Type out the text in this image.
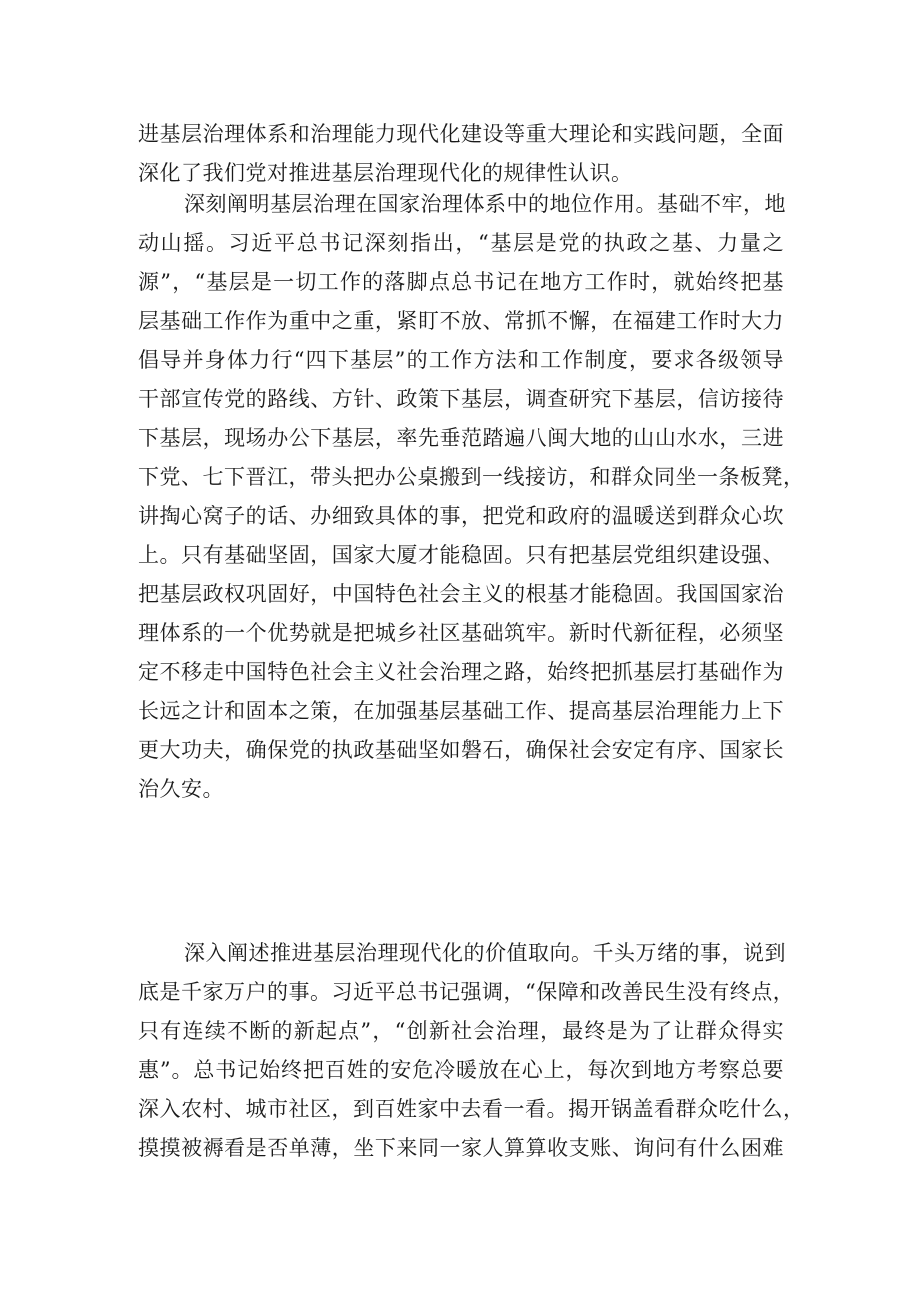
进基层治理体系和治理能力现代化建设等重大理论和实践问题，全面
深化了我们党对推进基层治理现代化的规律性认识。
深刻阐明基层治理在国家治理体系中的地位作用。基础不牢，地
动山摇。习近平总书记深刻指出，“基层是党的执政之基、力量之
源”，“基层是一切工作的落脚点总书记在地方工作时，就始终把基
层基础工作作为重中之重，紧盯不放、常抓不懈，在福建工作时大力
倡导并身体力行“四下基层”的工作方法和工作制度，要求各级领导
干部宣传党的路线、方针、政策下基层，调查研究下基层，信访接待
下基层，现场办公下基层，率先垂范踏遍八闽大地的山山水水，三进
下党、七下晋江，带头把办公桌搬到一线接访，和群众同坐一条板凳，
讲掏心窝子的话、办细致具体的事，把党和政府的温暖送到群众心坎
上。只有基础坚固，国家大厦才能稳固。只有把基层党组织建设强、
把基层政权巩固好，中国特色社会主义的根基才能稳固。我国国家治
理体系的一个优势就是把城乡社区基础筑牢。新时代新征程，必须坚
定不移走中国特色社会主义社会治理之路，始终把抓基层打基础作为
长远之计和固本之策，在加强基层基础工作、提高基层治理能力上下
更大功夫，确保党的执政基础坚如磐石，确保社会安定有序、国家长
治久安。
深入阐述推进基层治理现代化的价值取向。千头万绪的事，说到
底是千家万户的事。习近平总书记强调，“保障和改善民生没有终点，
只有连续不断的新起点”，“创新社会治理，最终是为了让群众得实
惠”。总书记始终把百姓的安危冷暖放在心上，每次到地方考察总要
深入农村、城市社区，到百姓家中去看一看。揭开锅盖看群众吃什么，
摸摸被褥看是否单薄，坐下来同一家人算算收支账、询问有什么困难
